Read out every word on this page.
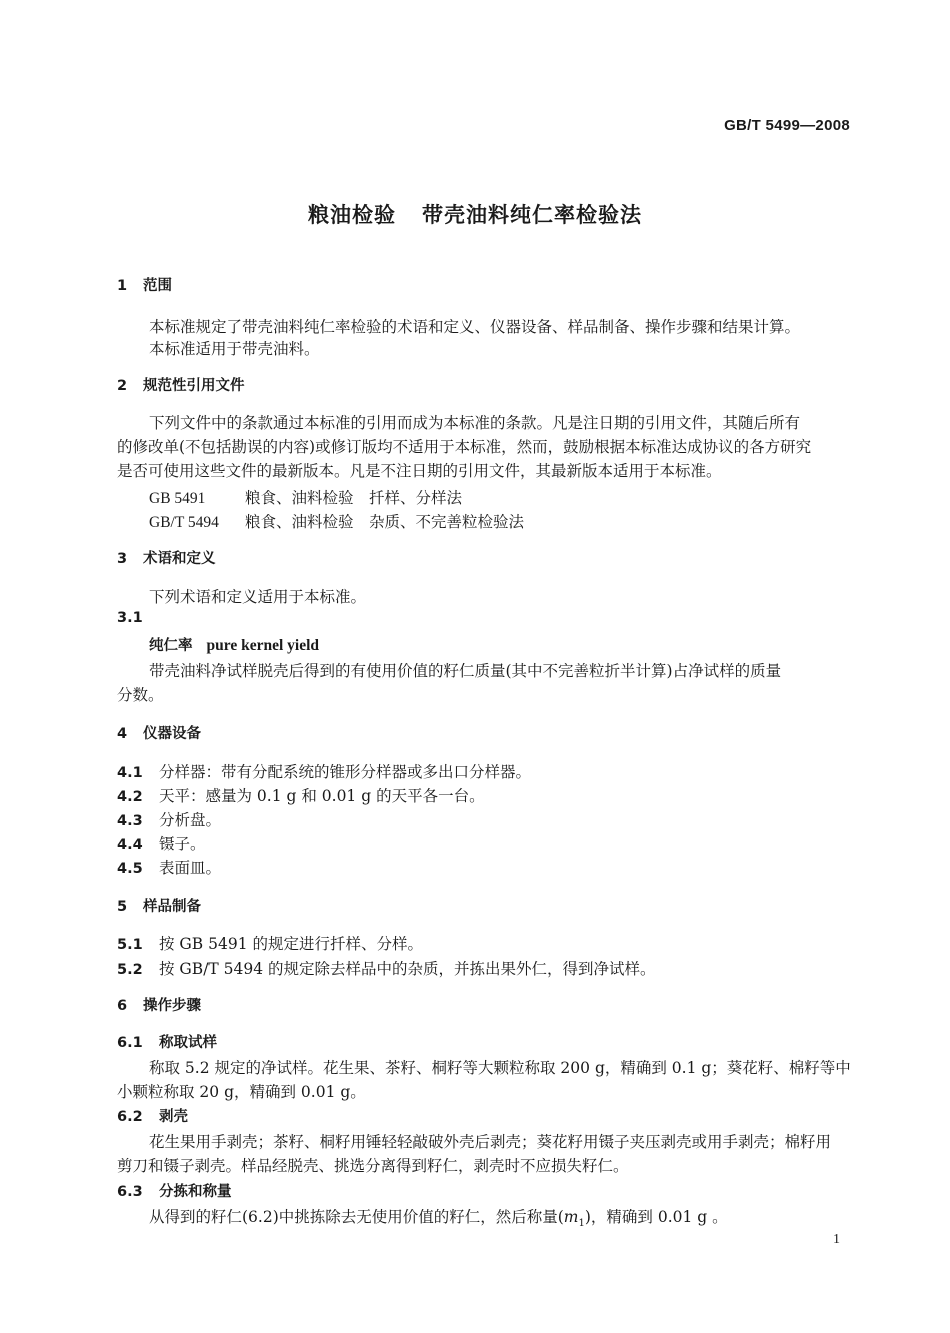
GB/T 5499—2008
粮油检验 带壳油料纯仁率检验法
1 范围
本标准规定了带壳油料纯仁率检验的术语和定义、仪器设备、样品制备、操作步骤和结果计算。
本标准适用于带壳油料。
2 规范性引用文件
下列文件中的条款通过本标准的引用而成为本标准的条款。凡是注日期的引用文件，其随后所有
的修改单(不包括勘误的内容)或修订版均不适用于本标准，然而，鼓励根据本标准达成协议的各方研究
是否可使用这些文件的最新版本。凡是不注日期的引用文件，其最新版本适用于本标准。
GB 5491	粮食、油料检验　扦样、分样法
GB/T 5494 粮食、油料检验　杂质、不完善粒检验法
3 术语和定义
下列术语和定义适用于本标准。
3.1
纯仁率 pure kernel yield
带壳油料净试样脱壳后得到的有使用价值的籽仁质量(其中不完善粒折半计算)占净试样的质量
分数。
4 仪器设备
4.1 分样器：带有分配系统的锥形分样器或多出口分样器。
4.2 天平：感量为 0.1 g 和 0.01 g 的天平各一台。
4.3 分析盘。
4.4 镊子。
4.5 表面皿。
5 样品制备
5.1 按 GB 5491 的规定进行扦样、分样。
5.2 按 GB/T 5494 的规定除去样品中的杂质，并拣出果外仁，得到净试样。
6 操作步骤
6.1 称取试样
称取 5.2 规定的净试样。花生果、茶籽、桐籽等大颗粒称取 200 g，精确到 0.1 g；葵花籽、棉籽等中
小颗粒称取 20 g，精确到 0.01 g。
6.2 剥壳
花生果用手剥壳；茶籽、桐籽用锤轻轻敲破外壳后剥壳；葵花籽用镊子夹压剥壳或用手剥壳；棉籽用
剪刀和镊子剥壳。样品经脱壳、挑选分离得到籽仁，剥壳时不应损失籽仁。
6.3 分拣和称量
从得到的籽仁(6.2)中挑拣除去无使用价值的籽仁，然后称量$(m_1)$，精确到 0.01 g 。
1
